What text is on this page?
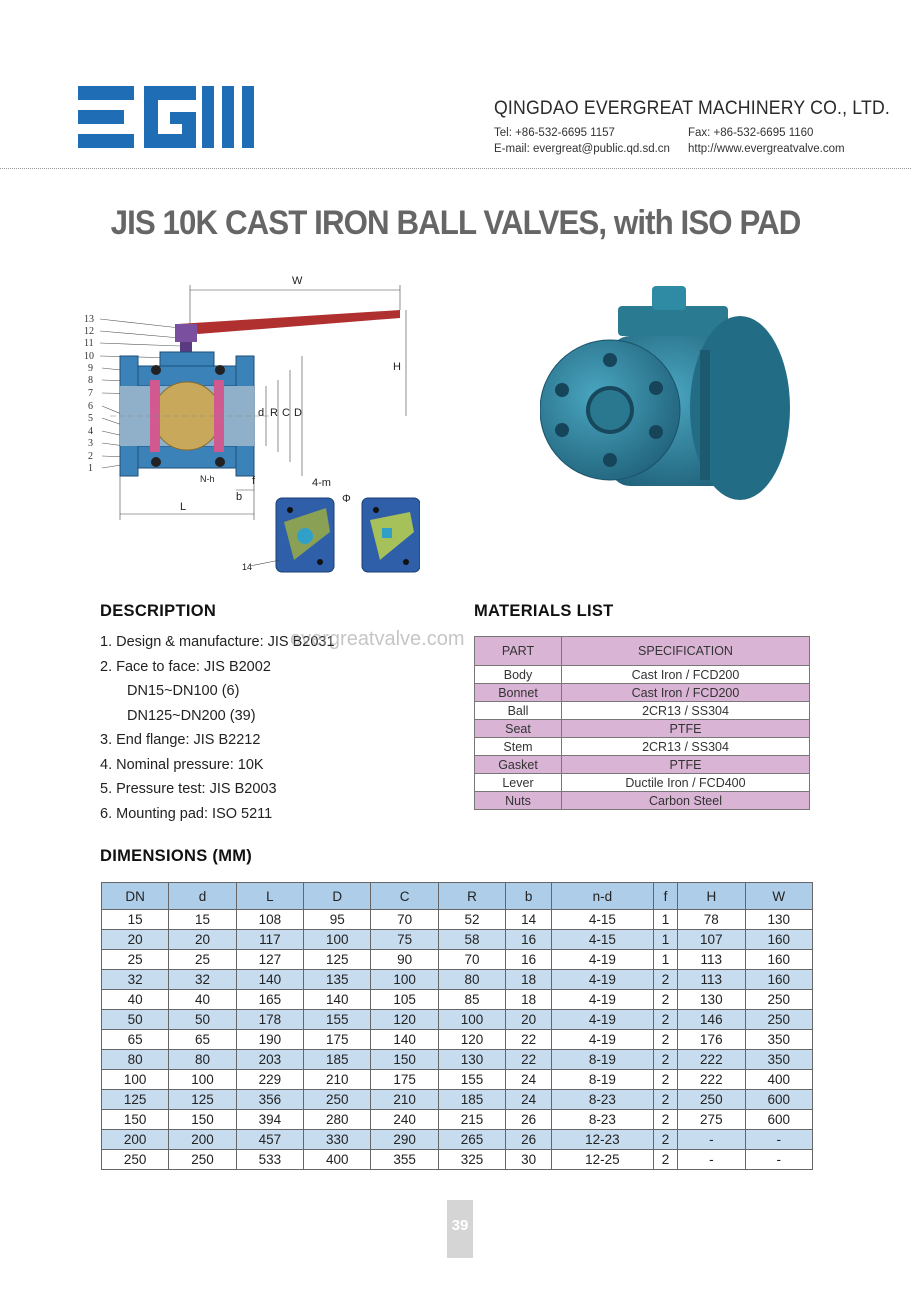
QINGDAO EVERGREAT MACHINERY CO., LTD.
Tel: +86-532-6695 1157	Fax: +86-532-6695 1160
E-mail: evergreat@public.qd.sd.cn http://www.evergreatvalve.com
JIS 10K CAST IRON BALL VALVES, with ISO PAD
13
12
11
10
9
8
7
6
5
4
3
2
1
W
H
d R C D
L
b
f
N-h	4-m
Φ
14
DESCRIPTION
1. Design & manufacture: JIS B2031
2. Face to face: JIS B2002
DN15~DN100 (6)
DN125~DN200 (39)
3. End flange: JIS B2212
4. Nominal pressure: 10K
5. Pressure test: JIS B2003
6. Mounting pad: ISO 5211
evergreatvalve.com
MATERIALS LIST
PART	SPECIFICATION
Body	Cast Iron / FCD200
Bonnet	Cast Iron / FCD200
Ball	2CR13 / SS304
Seat	PTFE
Stem	2CR13 / SS304
Gasket	PTFE
Lever	Ductile Iron / FCD400
Nuts	Carbon Steel
DIMENSIONS (MM)
DN	d	L	D	C	R	b	n-d	f	H	W
15	15	108	95	70	52	14	4-15	1	78	130
20	20	117	100	75	58	16	4-15	1	107	160
25	25	127	125	90	70	16	4-19	1	113	160
32	32	140	135	100	80	18	4-19	2	113	160
40	40	165	140	105	85	18	4-19	2	130	250
50	50	178	155	120	100	20	4-19	2	146	250
65	65	190	175	140	120	22	4-19	2	176	350
80	80	203	185	150	130	22	8-19	2	222	350
100	100	229	210	175	155	24	8-19	2	222	400
125	125	356	250	210	185	24	8-23	2	250	600
150	150	394	280	240	215	26	8-23	2	275	600
200	200	457	330	290	265	26	12-23	2	-	-
250	250	533	400	355	325	30	12-25	2	-	-
39
